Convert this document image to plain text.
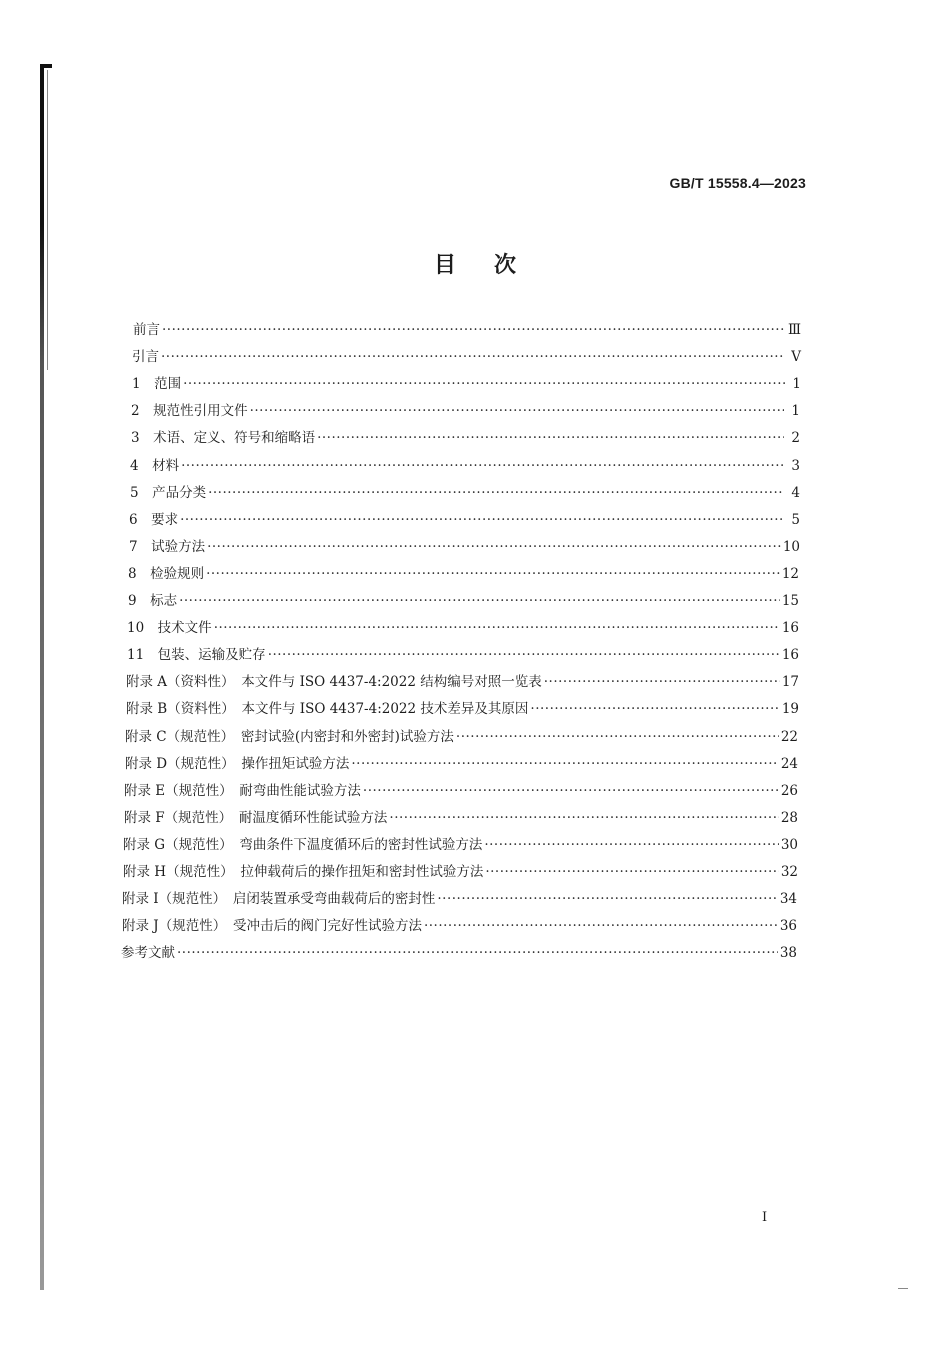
GB/T 15558.4—2023
目次
前言 ·····	Ⅲ
引言 ·····	V
1　范围 ·····	1
2　规范性引用文件 ·····	1
3　术语、定义、符号和缩略语 ·····	2
4　材料 ·····	3
5　产品分类 ·····	4
6　要求 ·····	5
7　试验方法 ·····	10
8　检验规则 ·····	12
9　标志 ·····	15
10　技术文件 ·····	16
11　包装、运输及贮存 ·····	16
附录 A（资料性）　本文件与 ISO 4437-4:2022 结构编号对照一览表 ·····	17
附录 B（资料性）　本文件与 ISO 4437-4:2022 技术差异及其原因 ·····	19
附录 C（规范性）　密封试验(内密封和外密封)试验方法 ·····	22
附录 D（规范性）　操作扭矩试验方法 ·····	24
附录 E（规范性）　耐弯曲性能试验方法 ·····	26
附录 F（规范性）　耐温度循环性能试验方法 ·····	28
附录 G（规范性）　弯曲条件下温度循环后的密封性试验方法 ·····	30
附录 H（规范性）　拉伸载荷后的操作扭矩和密封性试验方法 ·····	32
附录 I（规范性）　启闭装置承受弯曲载荷后的密封性 ·····	34
附录 J（规范性）　受冲击后的阀门完好性试验方法 ·····	36
参考文献 ·····	38
I
